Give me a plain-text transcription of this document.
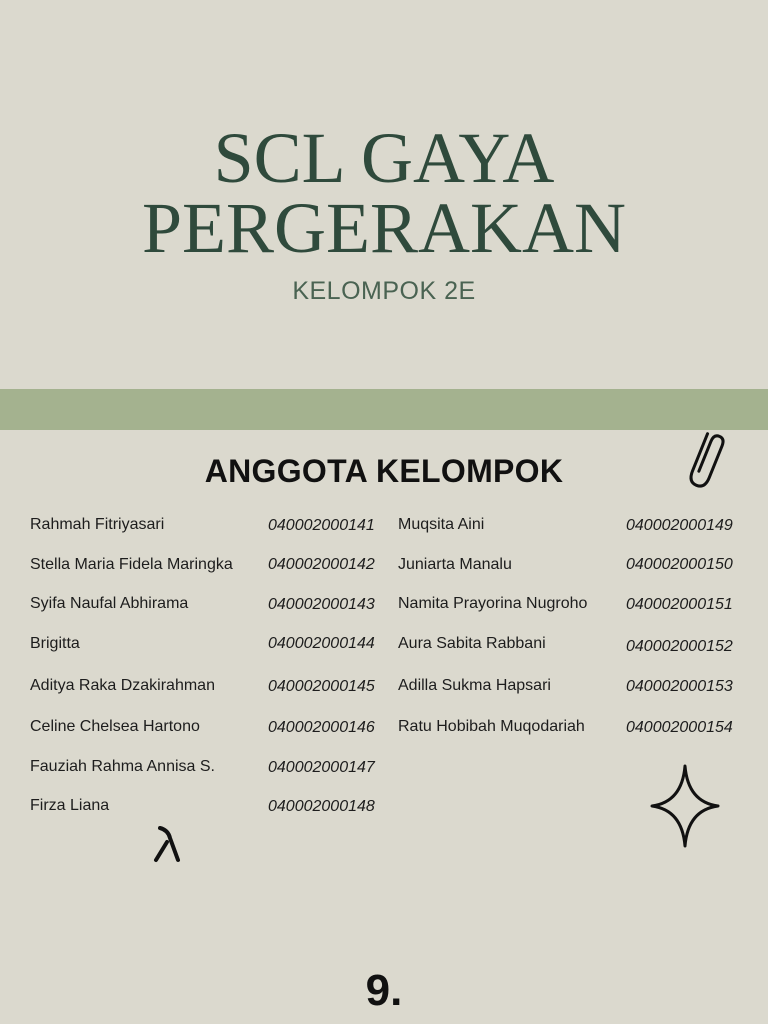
SCL GAYA
PERGERAKAN
KELOMPOK 2E
ANGGOTA KELOMPOK
Rahmah Fitriyasari	040002000141
Stella Maria Fidela Maringka 040002000142
Syifa Naufal Abhirama	040002000143
Brigitta	040002000144
Aditya Raka Dzakirahman	040002000145
Celine Chelsea Hartono	040002000146
Fauziah Rahma Annisa S.	040002000147
Firza Liana	040002000148
Muqsita Aini	040002000149
Juniarta Manalu	040002000150
Namita Prayorina Nugroho 040002000151
Aura Sabita Rabbani	040002000152
Adilla Sukma Hapsari	040002000153
Ratu Hobibah Muqodariah	040002000154
9.
